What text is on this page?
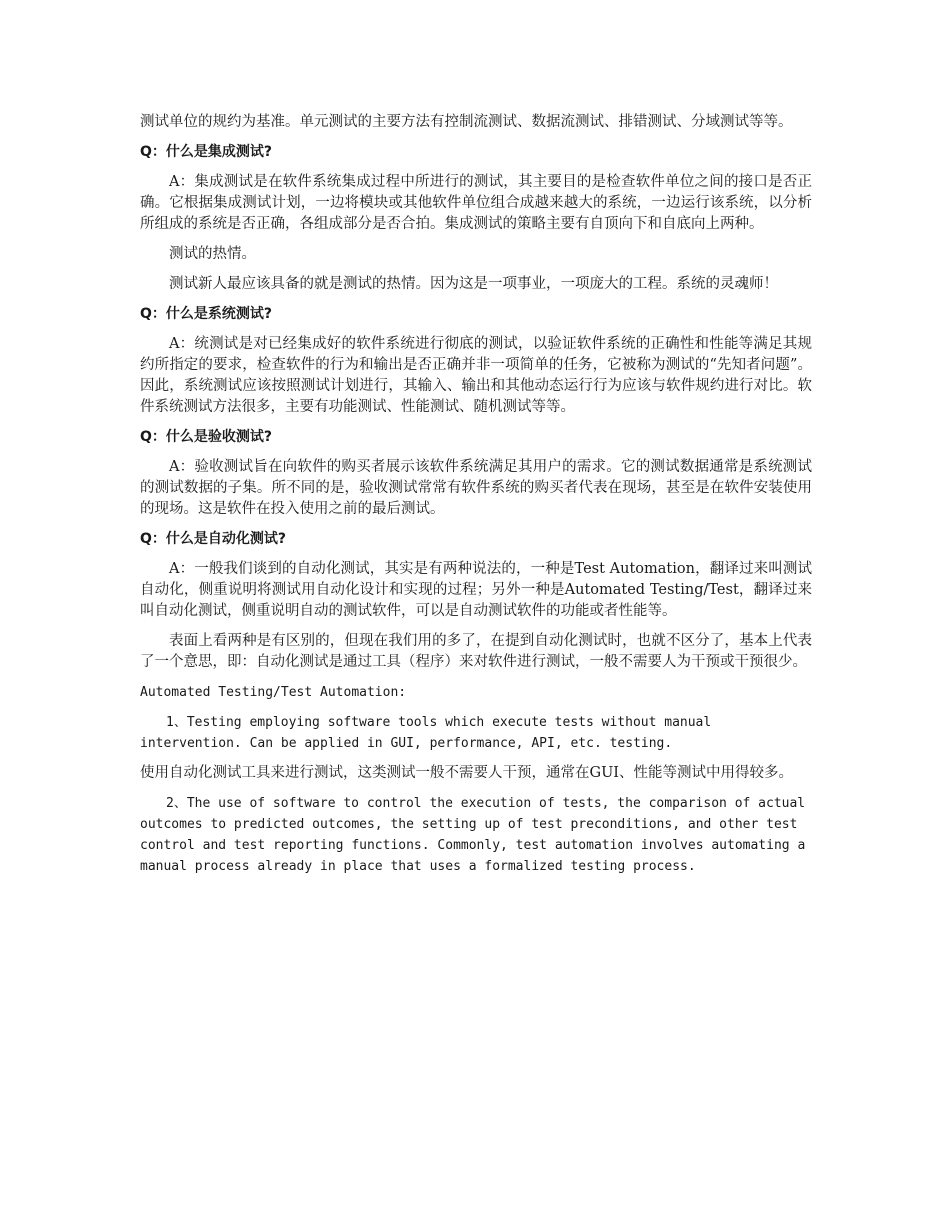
测试单位的规约为基准。单元测试的主要方法有控制流测试、数据流测试、排错测试、分域测试等等。

Q：什么是集成测试?

A：集成测试是在软件系统集成过程中所进行的测试，其主要目的是检查软件单位之间的接口是否正确。它根据集成测试计划，一边将模块或其他软件单位组合成越来越大的系统，一边运行该系统，以分析所组成的系统是否正确，各组成部分是否合拍。集成测试的策略主要有自顶向下和自底向上两种。

测试的热情。

测试新人最应该具备的就是测试的热情。因为这是一项事业，一项庞大的工程。系统的灵魂师！

Q：什么是系统测试?

A：统测试是对已经集成好的软件系统进行彻底的测试，以验证软件系统的正确性和性能等满足其规约所指定的要求，检查软件的行为和输出是否正确并非一项简单的任务，它被称为测试的“先知者问题”。因此，系统测试应该按照测试计划进行，其输入、输出和其他动态运行行为应该与软件规约进行对比。软件系统测试方法很多，主要有功能测试、性能测试、随机测试等等。

Q：什么是验收测试?

A：验收测试旨在向软件的购买者展示该软件系统满足其用户的需求。它的测试数据通常是系统测试的测试数据的子集。所不同的是，验收测试常常有软件系统的购买者代表在现场，甚至是在软件安装使用的现场。这是软件在投入使用之前的最后测试。

Q：什么是自动化测试?

A：一般我们谈到的自动化测试，其实是有两种说法的，一种是Test Automation，翻译过来叫测试自动化，侧重说明将测试用自动化设计和实现的过程；另外一种是Automated Testing/Test，翻译过来叫自动化测试，侧重说明自动的测试软件，可以是自动测试软件的功能或者性能等。

表面上看两种是有区别的，但现在我们用的多了，在提到自动化测试时，也就不区分了，基本上代表了一个意思，即：自动化测试是通过工具（程序）来对软件进行测试，一般不需要人为干预或干预很少。

Automated Testing/Test Automation:

1、Testing employing software tools which execute tests without manual intervention. Can be applied in GUI, performance, API, etc. testing.

使用自动化测试工具来进行测试，这类测试一般不需要人干预，通常在GUI、性能等测试中用得较多。

2、The use of software to control the execution of tests, the comparison of actual outcomes to predicted outcomes, the setting up of test preconditions, and other test control and test reporting functions. Commonly, test automation involves automating a manual process already in place that uses a formalized testing process.
